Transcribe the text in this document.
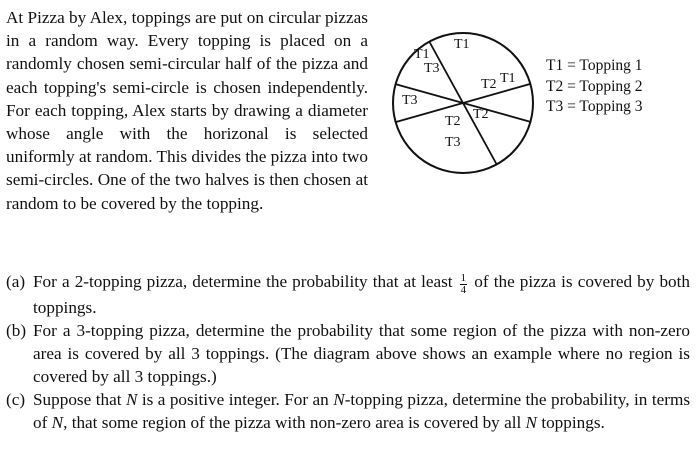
At Pizza by Alex, toppings are put on circular pizzas in a random way. Every topping is placed on a randomly chosen semi-circular half of the pizza and each topping's semi-circle is chosen independently. For each topping, Alex starts by drawing a diameter whose angle with the horizonal is selected uniformly at random. This divides the pizza into two semi-circles. One of the two halves is then chosen at random to be covered by the topping.
T1
T1
T3
T3
T2 T1
T2
T2
T3
T1 = Topping 1
T2 = Topping 2
T3 = Topping 3
(a) For a 2-topping pizza, determine the probability that at least $\frac{1}{4}$ of the pizza is covered by both toppings.
(b) For a 3-topping pizza, determine the probability that some region of the pizza with non-zero area is covered by all 3 toppings. (The diagram above shows an example where no region is covered by all 3 toppings.)
(c) Suppose that N is a positive integer. For an N-topping pizza, determine the probability, in terms of N, that some region of the pizza with non-zero area is covered by all N toppings.
